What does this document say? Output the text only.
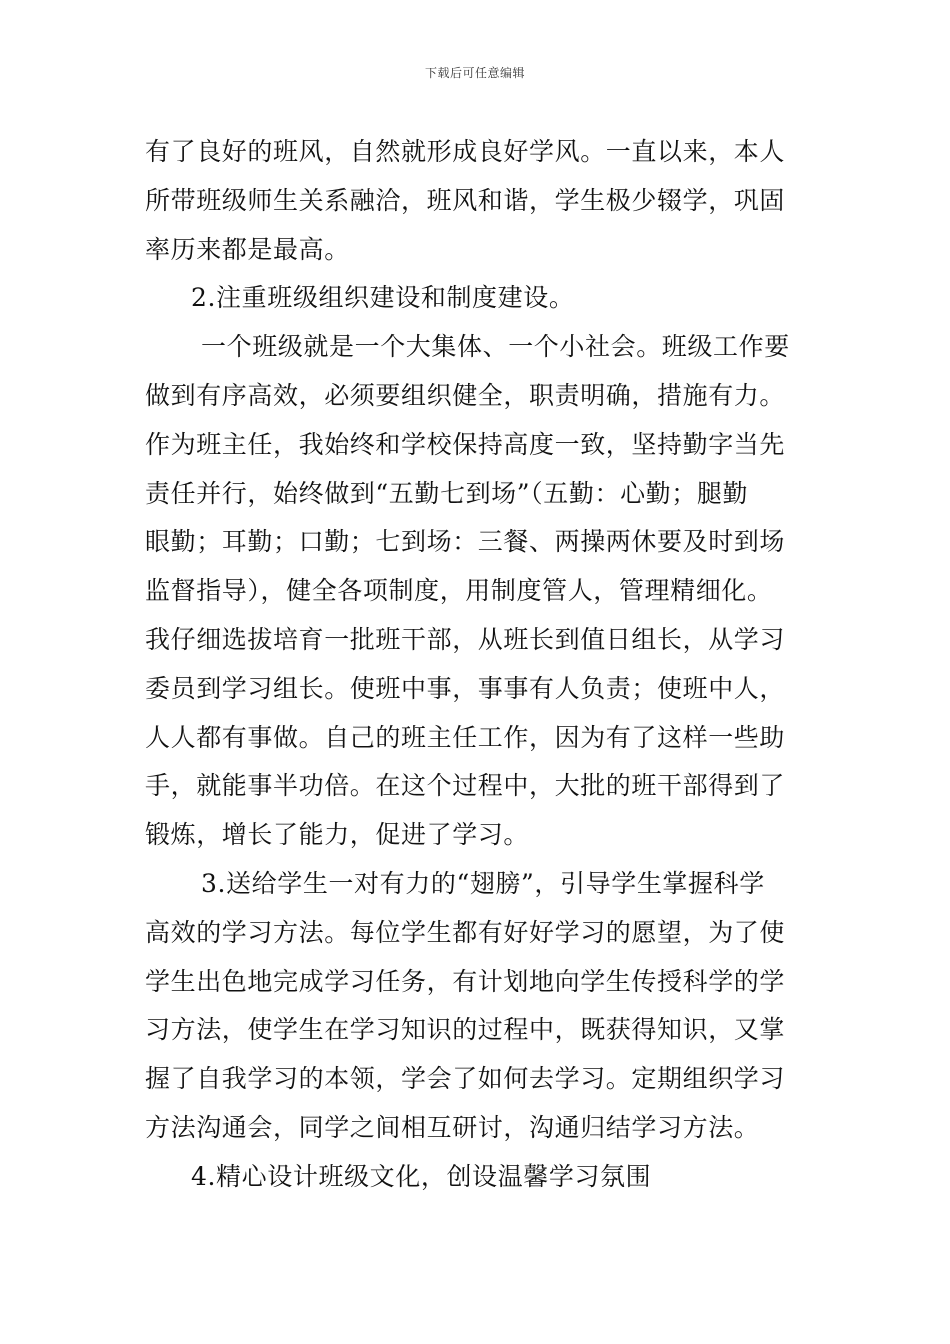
下载后可任意编辑
有了良好的班风，自然就形成良好学风。一直以来，本人
所带班级师生关系融洽，班风和谐，学生极少辍学，巩固
率历来都是最高。
2.注重班级组织建设和制度建设。
一个班级就是一个大集体、一个小社会。班级工作要
做到有序高效，必须要组织健全，职责明确，措施有力。
作为班主任，我始终和学校保持高度一致，坚持勤字当先
责任并行，始终做到“五勤七到场”（五勤：心勤；腿勤
眼勤；耳勤；口勤；七到场：三餐、两操两休要及时到场
监督指导），健全各项制度，用制度管人，管理精细化。
我仔细选拔培育一批班干部，从班长到值日组长，从学习
委员到学习组长。使班中事，事事有人负责；使班中人，
人人都有事做。自己的班主任工作，因为有了这样一些助
手，就能事半功倍。在这个过程中，大批的班干部得到了
锻炼，增长了能力，促进了学习。
3.送给学生一对有力的“翅膀”，引导学生掌握科学
高效的学习方法。每位学生都有好好学习的愿望，为了使
学生出色地完成学习任务，有计划地向学生传授科学的学
习方法，使学生在学习知识的过程中，既获得知识，又掌
握了自我学习的本领，学会了如何去学习。定期组织学习
方法沟通会，同学之间相互研讨，沟通归结学习方法。
4.精心设计班级文化，创设温馨学习氛围
